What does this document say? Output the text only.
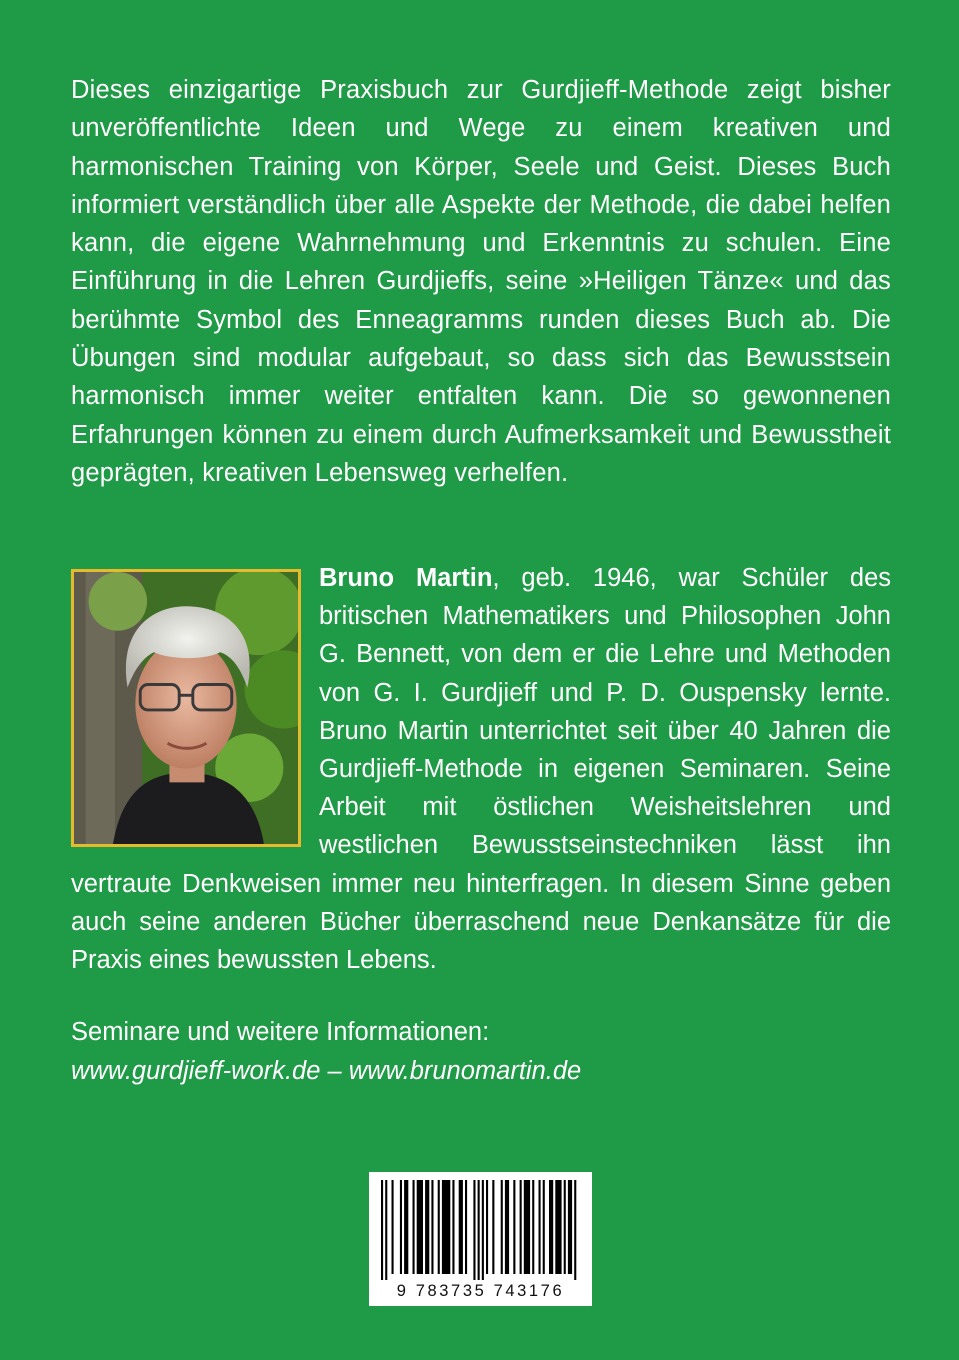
Dieses einzigartige Praxisbuch zur Gurdjieff-Methode zeigt bisher unveröffentlichte Ideen und Wege zu einem kreativen und harmonischen Training von Körper, Seele und Geist. Dieses Buch informiert verständlich über alle Aspekte der Methode, die dabei helfen kann, die eigene Wahrnehmung und Erkenntnis zu schulen. Eine Einführung in die Lehren Gurdjieffs, seine »Heiligen Tänze« und das berühmte Symbol des Enneagramms runden dieses Buch ab. Die Übungen sind modular aufgebaut, so dass sich das Bewusstsein harmonisch immer weiter entfalten kann. Die so gewonnenen Erfahrungen können zu einem durch Aufmerksamkeit und Bewusstheit geprägten, kreativen Lebensweg verhelfen.

Bruno Martin, geb. 1946, war Schüler des britischen Mathematikers und Philosophen John G. Bennett, von dem er die Lehre und Methoden von G. I. Gurdjieff und P. D. Ouspensky lernte. Bruno Martin unterrichtet seit über 40 Jahren die Gurdjieff-Methode in eigenen Seminaren. Seine Arbeit mit östlichen Weisheitslehren und westlichen Bewusstseinstechniken lässt ihn vertraute Denkweisen immer neu hinterfragen. In diesem Sinne geben auch seine anderen Bücher überraschend neue Denkansätze für die Praxis eines bewussten Lebens.
Seminare und weitere Informationen:
www.gurdjieff-work.de – www.brunomartin.de
9 783735 743176
